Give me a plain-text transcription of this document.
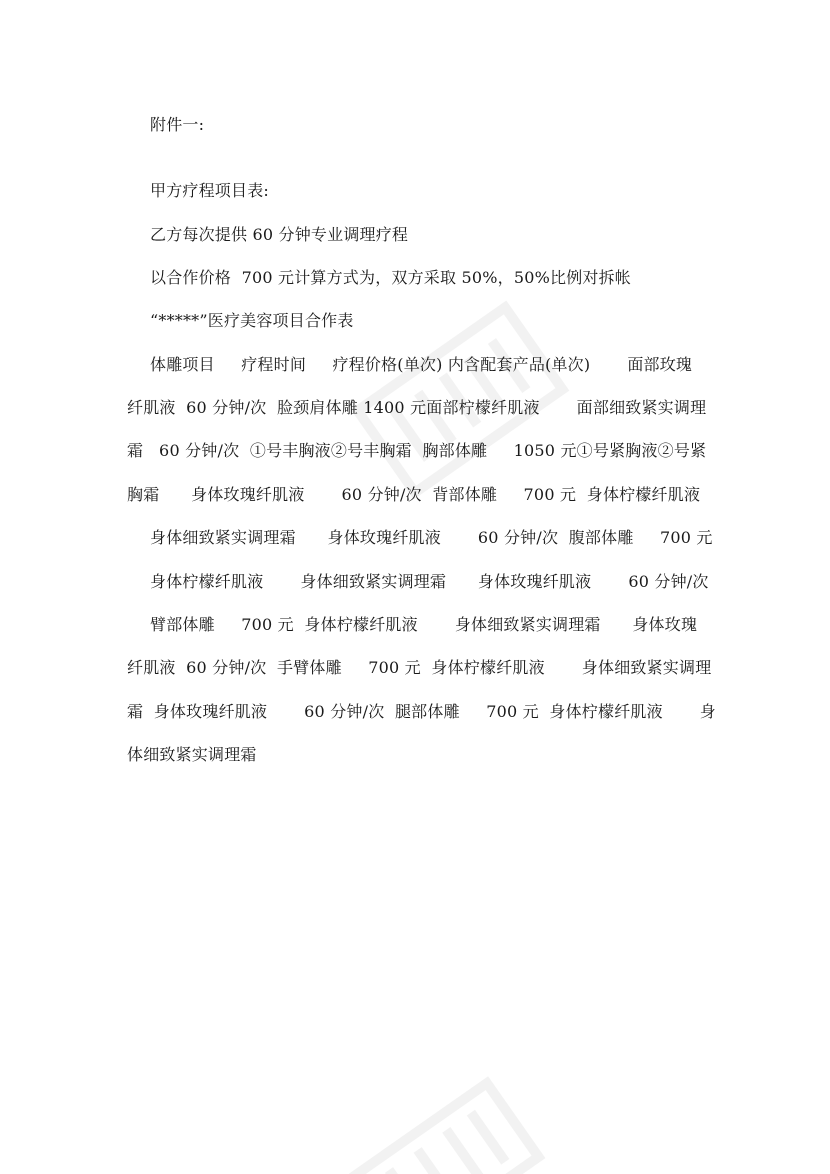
附件一:
甲方疗程项目表:
乙方每次提供 60 分钟专业调理疗程
以合作价格  700 元计算方式为，双方采取 50%，50%比例对拆帐
“*****”医疗美容项目合作表
体雕项目     疗程时间     疗程价格(单次) 内含配套产品(单次)       面部玫瑰
纤肌液  60 分钟/次  脸颈肩体雕 1400 元面部柠檬纤肌液       面部细致紧实调理
霜   60 分钟/次  ①号丰胸液②号丰胸霜  胸部体雕     1050 元①号紧胸液②号紧
胸霜      身体玫瑰纤肌液       60 分钟/次  背部体雕     700 元  身体柠檬纤肌液
身体细致紧实调理霜      身体玫瑰纤肌液       60 分钟/次  腹部体雕     700 元
身体柠檬纤肌液       身体细致紧实调理霜      身体玫瑰纤肌液       60 分钟/次
臂部体雕     700 元  身体柠檬纤肌液       身体细致紧实调理霜      身体玫瑰
纤肌液  60 分钟/次  手臂体雕     700 元  身体柠檬纤肌液       身体细致紧实调理
霜  身体玫瑰纤肌液       60 分钟/次  腿部体雕     700 元  身体柠檬纤肌液       身
体细致紧实调理霜
